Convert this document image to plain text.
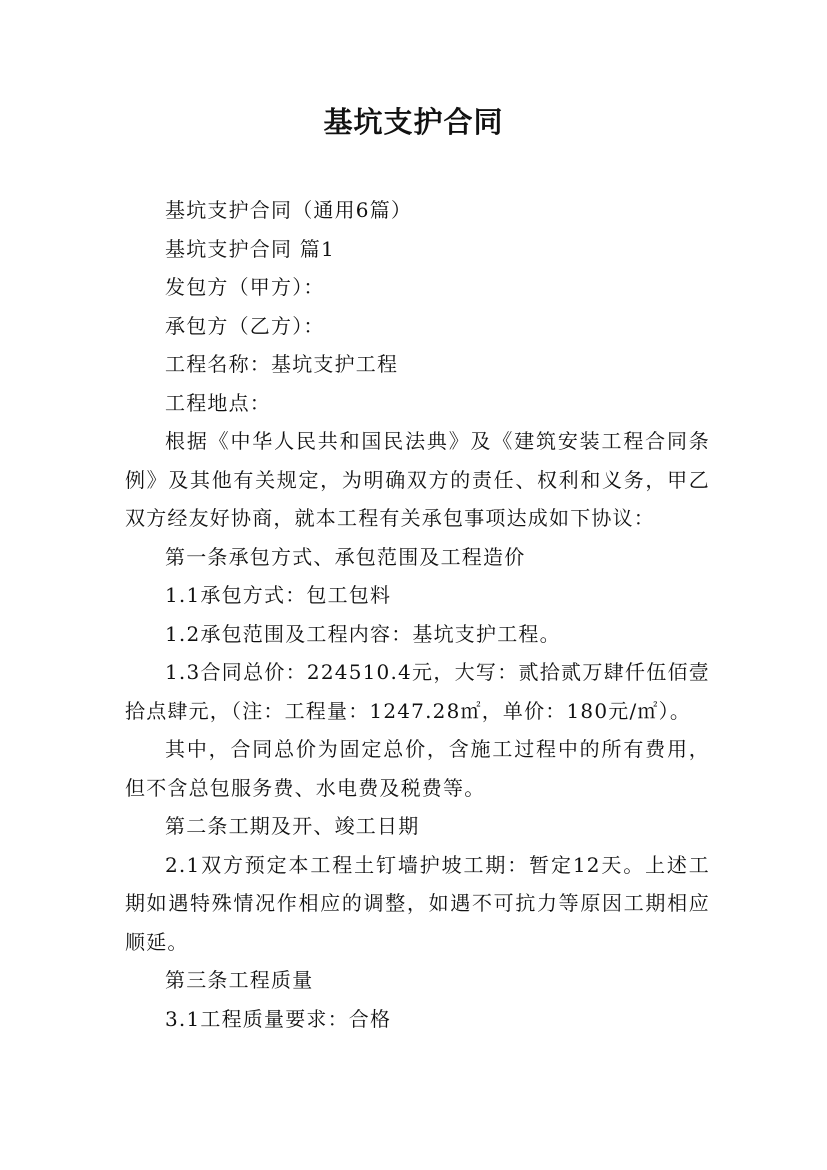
基坑支护合同

基坑支护合同（通用6篇）

基坑支护合同 篇1

发包方（甲方）：

承包方（乙方）：

工程名称：基坑支护工程

工程地点：

根据《中华人民共和国民法典》及《建筑安装工程合同条例》及其他有关规定，为明确双方的责任、权利和义务，甲乙双方经友好协商，就本工程有关承包事项达成如下协议：

第一条承包方式、承包范围及工程造价

1.1承包方式：包工包料

1.2承包范围及工程内容：基坑支护工程。

1.3合同总价：224510.4元，大写：贰拾贰万肆仟伍佰壹拾点肆元，（注：工程量：1247.28㎡，单价：180元/㎡）。

其中，合同总价为固定总价，含施工过程中的所有费用，但不含总包服务费、水电费及税费等。

第二条工期及开、竣工日期

2.1双方预定本工程土钉墙护坡工期：暂定12天。上述工期如遇特殊情况作相应的调整，如遇不可抗力等原因工期相应顺延。

第三条工程质量

3.1工程质量要求：合格
